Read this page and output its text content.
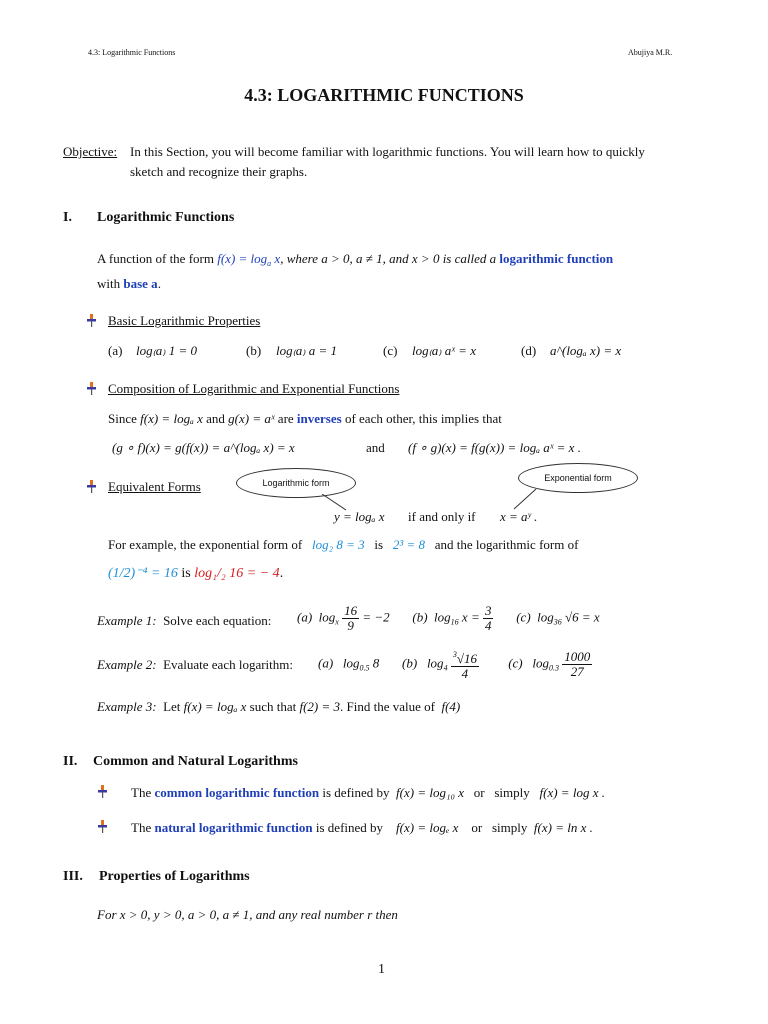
4.3: Logarithmic Functions	Abujiya M.R.
4.3: LOGARITHMIC FUNCTIONS
Objective: In this Section, you will become familiar with logarithmic functions. You will learn how to quickly
sketch and recognize their graphs.
I. Logarithmic Functions
A function of the form $f(x) = \log_a x$, where a > 0, a ≠ 1, and x > 0 is called a logarithmic function
with base a.
Basic Logarithmic Properties
(a) log₍a₎ 1 = 0	(b) log₍a₎ a = 1	(c) log₍a₎ aˣ = x	(d) a^(logₐ x) = x
Composition of Logarithmic and Exponential Functions
Since f(x) = logₐ x and g(x) = aˣ are inverses of each other, this implies that
(g ∘ f)(x) = g(f(x)) = a^(logₐ x) = x	and (f ∘ g)(x) = f(g(x)) = logₐ aˣ = x .
Equivalent Forms	Logarithmic form	Exponential form
y = logₐ x if and only if x = aʸ .
For example, the exponential form of log₂ 8 = 3 is 2³ = 8 and the logarithmic form of
(1/2)⁻⁴ = 16 is log₁/₂ 16 = − 4.
Example 1: Solve each equation: (a)  $\log_x \frac{16}{9} = -2$       (b)  $\log_{16} x = \frac{3}{4} (c)$  $\log_{36} √6 = x$
Example 2: Evaluate each logarithm: (a)   $\log_{0.5} 8$       (b)   $\log_4 \frac{^3√16}{4} (c)$   $\log_{0.3} \frac{1000}{27}$
Example 3: Let f(x) = logₐ x such that f(2) = 3. Find the value of f(4)
II. Common and Natural Logarithms
The common logarithmic function is defined by f(x) = log₁₀ x or simply f(x) = log x .
The natural logarithmic function is defined by f(x) = logₑ x or simply f(x) = ln x .
III. Properties of Logarithms
For x > 0, y > 0, a > 0, a ≠ 1, and any real number r then
1
